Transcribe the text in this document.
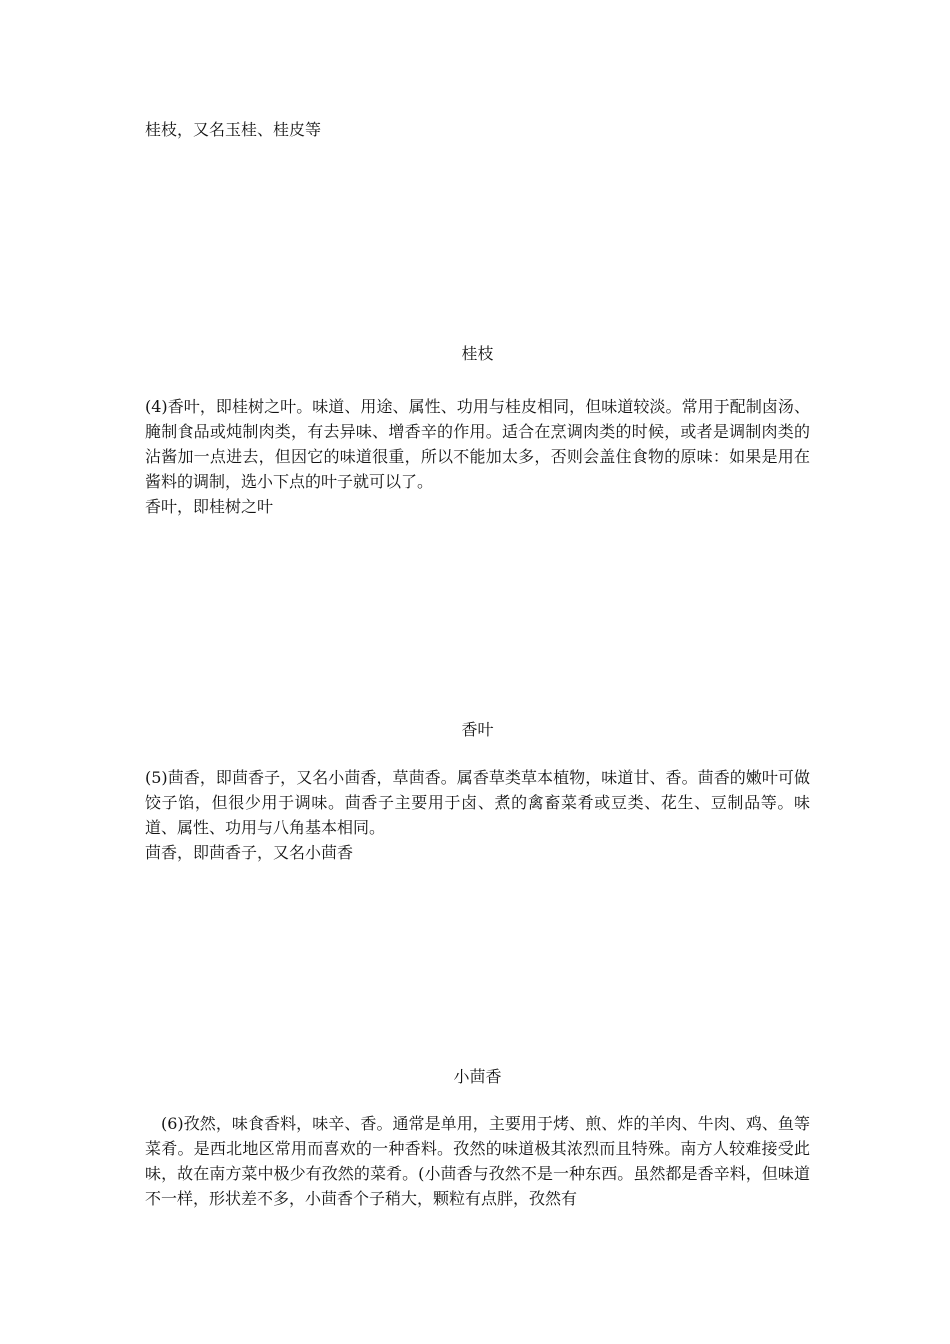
桂枝，又名玉桂、桂皮等
桂枝
(4)香叶，即桂树之叶。味道、用途、属性、功用与桂皮相同，但味道较淡。常用于配制卤汤、腌制食品或炖制肉类，有去异味、增香辛的作用。适合在烹调肉类的时候，或者是调制肉类的沾酱加一点进去，但因它的味道很重，所以不能加太多，否则会盖住食物的原味：如果是用在酱料的调制，选小下点的叶子就可以了。
香叶，即桂树之叶
香叶
(5)茴香，即茴香子，又名小茴香，草茴香。属香草类草本植物，味道甘、香。茴香的嫩叶可做饺子馅，但很少用于调味。茴香子主要用于卤、煮的禽畜菜肴或豆类、花生、豆制品等。味道、属性、功用与八角基本相同。
茴香，即茴香子，又名小茴香
小茴香
(6)孜然，味食香料，味辛、香。通常是单用，主要用于烤、煎、炸的羊肉、牛肉、鸡、鱼等菜肴。是西北地区常用而喜欢的一种香料。孜然的味道极其浓烈而且特殊。南方人较难接受此味，故在南方菜中极少有孜然的菜肴。(小茴香与孜然不是一种东西。虽然都是香辛料，但味道不一样，形状差不多，小茴香个子稍大，颗粒有点胖，孜然有
